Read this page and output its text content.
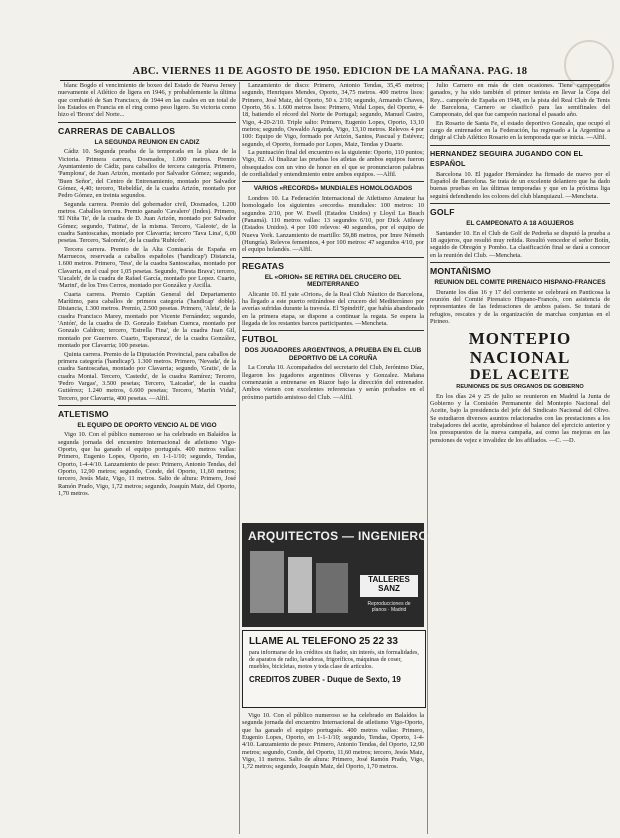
ABC. VIERNES 11 DE AGOSTO DE 1950. EDICION DE LA MAÑANA. PAG. 18

blanc Bogdo el vencimiento de boxeo del Estado de Nueva Jersey nuevamente el Atlético de ligera en 1946, y probablemente la última que combatió de San Francisco, de 1944 en las cuales en un total de los Estados en Francia en el ring como peso ligero. Su victoria como hizo el 'Bronx' del Norte...

CARRERAS DE CABALLOS
LA SEGUNDA REUNION EN CADIZ

Cádiz 10. Segunda prueba de la temporada en la plaza de la Victoria. Primera carrera, Dosmados, 1.000 metros. Premio Ayuntamiento de Cádiz, para caballos de tercera categoría. Primero, 'Pamplona', de Juan Arizón, montado por Salvador Gómez; segundo, 'Buen Señor', del Centro de Entrenamiento, montado por Salvador Gómez, 4,40; tercero, 'Rebeldía', de la cuadra Arizón, montado por Pedro Gómez, en treinta segundos.

Segunda carrera. Premio del gobernador civil, Dosmados, 1.200 metros. Caballos tercera. Premio ganado 'Cavalero' (Indes). Primero, 'El Niña Te', de la cuadra de D. Juan Arizón, montado por Salvador Gómez; segundo, 'Fatima', de la misma. Tercero, 'Galeote', de la cuadra Santoscañas, montado por Clavarria; tercero 'Tava Lina', 6,00 pesetas. Tercero, 'Salomón', de la cuadra 'Rubicón'.

Tercera carrera. Premio de la Alta Comisaría de España en Marruecos, reservada a caballos españoles ('handicap') Distancia, 1.600 metros. Primero, 'Tess', de la cuadra Santoscañas, montado por Clavarria, en el cual por 1,05 pesetas. Segundo, 'Fiesta Brava'; tercero, 'Uacaleh', de la cuadra de Rafael García, montado por Lopez. Cuarto, 'Marini', de los Tres Cerros, montado por González y Arcilla.

Cuarta carrera. Premio Capitán General del Departamento Marítimo, para caballos de primera categoría ('handicap' doble). Distancia, 1.300 metros. Premio, 2.500 pesetas. Primero, 'Aleta', de la cuadra Francisco Marey, montado por Vicente Fernández; segundo, 'Antón', de la cuadra de D. Gonzalo Esteban Cuenca, montado por Gonzalo Caldron; tercero, 'Estrella Fina', de la cuadra Juan Gil, montado por Guerrero. Cuarto, 'Esperanza', de la cuadra González, montado por Clavarria; 100 pesetas.

Quinta carrera. Premio de la Diputación Provincial, para caballos de primera categoría ('handicap'). 1.300 metros. Primero, 'Nevada', de la cuadra Santoscañas, montado por Clavarria; segundo, 'Gratis', de la cuadra Montal. Tercero, 'Castedu', de la cuadra Ramírez; Tercero, 'Pedro Vargas', 3.500 pesetas; Tercero, 'Laicadar', de la cuadra Gutiérrez; 1.240 metros, 6.600 pesetas; Tercero, 'Martín Vidal', Tercero, por Clavarria, 400 pesetas. —Alfil.

ATLETISMO
EL EQUIPO DE OPORTO VENCIO AL DE VIGO

Vigo 10. Con el público numeroso se ha celebrado en Balaídos la segunda jornada del encuentro Internacional de atletismo Vigo-Oporto, que ha ganado el equipo portugués. 400 metros vallas: Primero, Eugenio Lopes, Oporto, en 1-1-1/10; segundo, Tendas, Oporto, 1-4-4/10. Lanzamiento de peso: Primero, Antonio Tendas, del Oporto, 12,90 metros; segundo, Conde, del Oporto, 11,60 metros; tercero, Jesús Maiz, Vigo, 11 metros. Salto de altura: Primero, José Ramón Prado, Vigo, 1,72 metros; segundo, Joaquín Maiz, del Oporto, 1,70 metros.

Lanzamiento de disco: Primero, Antonio Tendas, 35,45 metros; segundo, Henriques Mendes, Oporto, 34,75 metros. 400 metros lisos: Primero, José Maiz, del Oporto, 50 s. 2/10; segundo, Armando Chaves, Oporto, 56 s. 1.600 metros lisos: Primero, Vidal Lopes, del Oporto, 4-18, batiendo el récord del Norte de Portugal; segundo, Manuel Castro, Vigo, 4-20-2/10. Triple salto: Primero, Eugenio Lopes, Oporto, 13,10 metros; segundo, Oswaldo Arganda, Vigo, 13,10 metros. Relevos 4 por 100: Equipo de Vigo, formado por Arizón, Santos, Pascual y Estévez; segundo, el Oporto, formado por Lopes, Maiz, Tendas y Duarte.

La puntuación final del encuentro es la siguiente: Oporto, 110 puntos; Vigo, 82. Al finalizar las pruebas los atletas de ambos equipos fueron obsequiados con un vino de honor en el que se pronunciaron palabras de cordialidad y entendimiento entre ambos equipos. —Alfil.

VARIOS «RECORDS» MUNDIALES HOMOLOGADOS

Londres 10. La Federación Internacional de Atletismo Amateur ha homologado los siguientes «records» mundiales: 100 metros: 10 segundos 2/10, por W. Ewell (Estados Unidos) y Lloyd La Beach (Panamá). 110 metros vallas: 13 segundos 6/10, por Dick Attlesey (Estados Unidos). 4 por 100 relevos: 40 segundos, por el equipo de Nueva York. Lanzamiento de martillo: 59,88 metros, por Imre Németh (Hungría). Relevos femeninos, 4 por 100 metros: 47 segundos 4/10, por el equipo holandés. —Alfil.

REGATAS
EL «ORION» SE RETIRA DEL CRUCERO DEL MEDITERRANEO

Alicante 10. El yate «Orion», de la Real Club Náutico de Barcelona, ha llegado a este puerto retirándose del crucero del Mediterráneo por averías sufridas durante la travesía. El 'Spindrift', que había abandonado en la primera etapa, se dispone a continuar la regata. Se espera la llegada de los restantes barcos participantes. —Mencheta.

FUTBOL
DOS JUGADORES ARGENTINOS, A PRUEBA EN EL CLUB DEPORTIVO DE LA CORUÑA

La Coruña 10. Acompañados del secretario del Club, Jerónimo Díaz, llegaron los jugadores argentinos Oliveras y Gonzalez. Mañana comenzarán a entrenarse en Riazor bajo la dirección del entrenador. Ambos vienen con excelentes referencias y serán probados en el próximo partido amistoso del Club. —Alfil.

ARQUITECTOS — INGENIEROS
TALLERES SANZ
Reproducciones de planos · Madrid
LLAME AL TELEFONO 25 22 33
para informarse de los créditos sin fiador, sin interés, sin formalidades, de aparatos de radio, lavadoras, frigoríficos, máquinas de coser, muebles, bicicletas, motos y toda clase de artículos.
CREDITOS ZUBER - Duque de Sexto, 19

Vigo 10. Con el público numeroso se ha celebrado en Balaídos la segunda jornada del encuentro Internacional de atletismo Vigo-Oporto, que ha ganado el equipo portugués. 400 metros vallas: Primero, Eugenio Lopes, Oporto, en 1-1-1/10; segundo, Tendas, Oporto, 1-4-4/10. Lanzamiento de peso: Primero, Antonio Tendas, del Oporto, 12,90 metros; segundo, Conde, del Oporto, 11,60 metros; tercero, Jesús Maiz, Vigo, 11 metros. Salto de altura: Primero, José Ramón Prado, Vigo, 1,72 metros; segundo, Joaquín Maiz, del Oporto, 1,70 metros.

Julio Carnero en más de cien ocasiones. Tiene campeonatos ganados, y ha sido también el primer tenista en llevar la Copa del Rey... campeón de España en 1948, en la pista del Real Club de Tenis de Barcelona, Carnero se clasificó para las semifinales del Campeonato, del que fue campeón nacional el pasado año.

En Rosario de Santa Fe, el estado deportivo Gonzalo, que ocupó el cargo de entrenador en la Federación, ha regresado a la Argentina a dirigir al Club Atlético Rosario en la temporada que se inicia. —Alfil.

HERNANDEZ SEGUIRA JUGANDO CON EL ESPAÑOL

Barcelona 10. El jugador Hernández ha firmado de nuevo por el Español de Barcelona. Se trata de un excelente delantero que ha dado buenas pruebas en las últimas temporadas y que en la próxima liga seguirá defendiendo los colores del club blanquiazul. —Mencheta.

GOLF
EL CAMPEONATO A 18 AGUJEROS

Santander 10. En el Club de Golf de Pedreña se disputó la prueba a 18 agujeros, que resultó muy reñida. Resultó vencedor el señor Botín, seguido de Obregón y Pombo. La clasificación final se dará a conocer en la reunión del Club. —Mencheta.

MONTAÑISMO
REUNION DEL COMITE PIRENAICO HISPANO-FRANCES

Durante los días 16 y 17 del corriente se celebrará en Panticosa la reunión del Comité Pirenaico Hispano-Francés, con asistencia de representantes de las federaciones de ambos países. Se tratará de refugios, rescates y de la organización de marchas conjuntas en el Pirineo.

MONTEPIO NACIONAL
DEL ACEITE
REUNIONES DE SUS ORGANOS DE GOBIERNO

En los días 24 y 25 de julio se reunieron en Madrid la Junta de Gobierno y la Comisión Permanente del Montepio Nacional del Aceite, bajo la presidencia del jefe del Sindicato Nacional del Olivo. Se estudiaron diversos asuntos relacionados con las prestaciones a los trabajadores del aceite, aprobándose el balance del ejercicio anterior y los presupuestos de la nueva campaña, así como las mejoras en las pensiones de vejez e invalidez de los afiliados. —C. —D.
